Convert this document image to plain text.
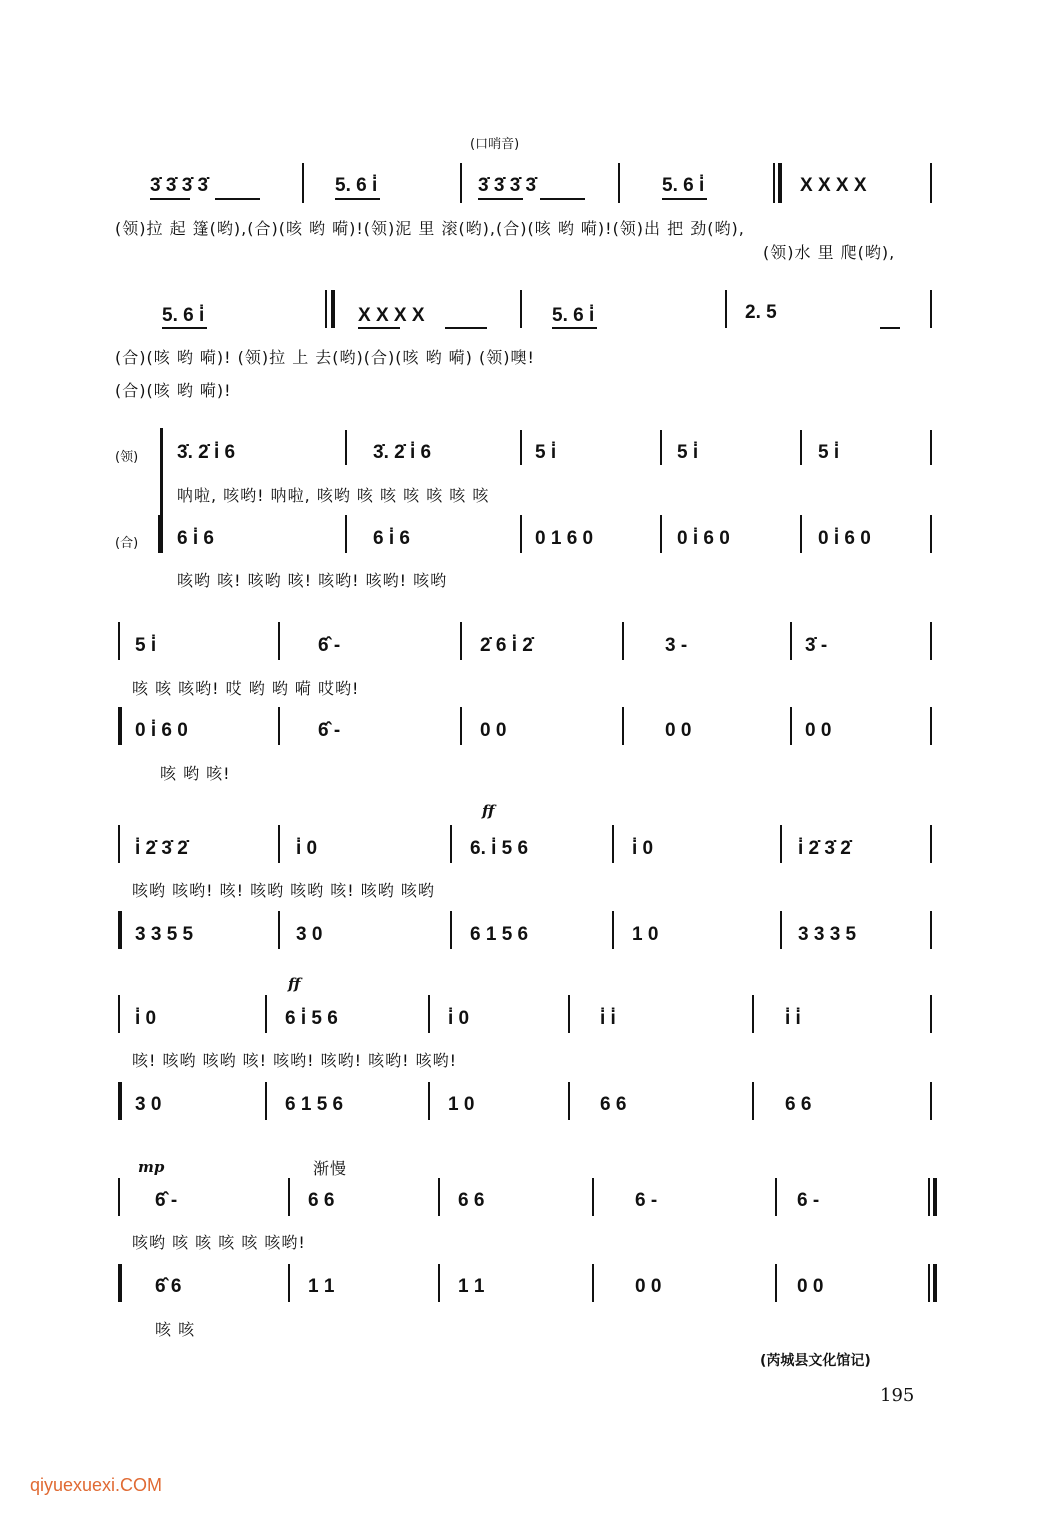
(口哨音)
3̇ 3̇ 3̇ 3̇	5. 6 i̇	3̇ 3̇ 3̇ 3̇	5. 6 i̇	X X X X
(领)拉 起 篷(哟),(合)(咳 哟 嗬)!(领)泥 里 滚(哟),(合)(咳 哟 嗬)!(领)出 把 劲(哟),
(领)水 里 爬(哟),
5. 6 i̇	X X X X	5. 6 i̇	2. 5
(合)(咳 哟 嗬)! (领)拉 上 去(哟)(合)(咳 哟 嗬) (领)噢!
(合)(咳 哟 嗬)!
(领)
(合)
3̇. 2̇ i̇ 6	3̇. 2̇ i̇ 6	5 i̇	5 i̇	5 i̇
呐啦, 咳哟! 呐啦, 咳哟 咳 咳 咳 咳 咳 咳
6 i̇ 6	6 i̇ 6	0 1 6 0	0 i̇ 6 0	0 i̇ 6 0
咳哟 咳! 咳哟 咳! 咳哟! 咳哟! 咳哟
5 i̇	6̂ -	2̇ 6 i̇ 2̇	3 -	3̇ -
咳 咳 咳哟! 哎 哟 哟 嗬 哎哟!
0 i̇ 6 0	6̂ -	0 0	0 0	0 0
咳 哟 咳!
ff
i̇ 2̇ 3̇ 2̇	i̇ 0	6. i̇ 5 6	i̇ 0	i̇ 2̇ 3̇ 2̇
咳哟 咳哟! 咳! 咳哟 咳哟 咳! 咳哟 咳哟
3 3 5 5	3 0	6 1 5 6	1 0	3 3 3 5
ff
i̇ 0	6 i̇ 5 6	i̇ 0	i̇ i̇	i̇ i̇
咳! 咳哟 咳哟 咳! 咳哟! 咳哟! 咳哟! 咳哟!
3 0	6 1 5 6	1 0	6 6	6 6
mp	渐慢
6̂ -	6 6	6 6	6 -	6 -
咳哟 咳 咳 咳 咳 咳哟!
6̂ 6	1 1	1 1	0 0	0 0
咳 咳
(芮城县文化馆记)
195
qiyuexuexi.COM
